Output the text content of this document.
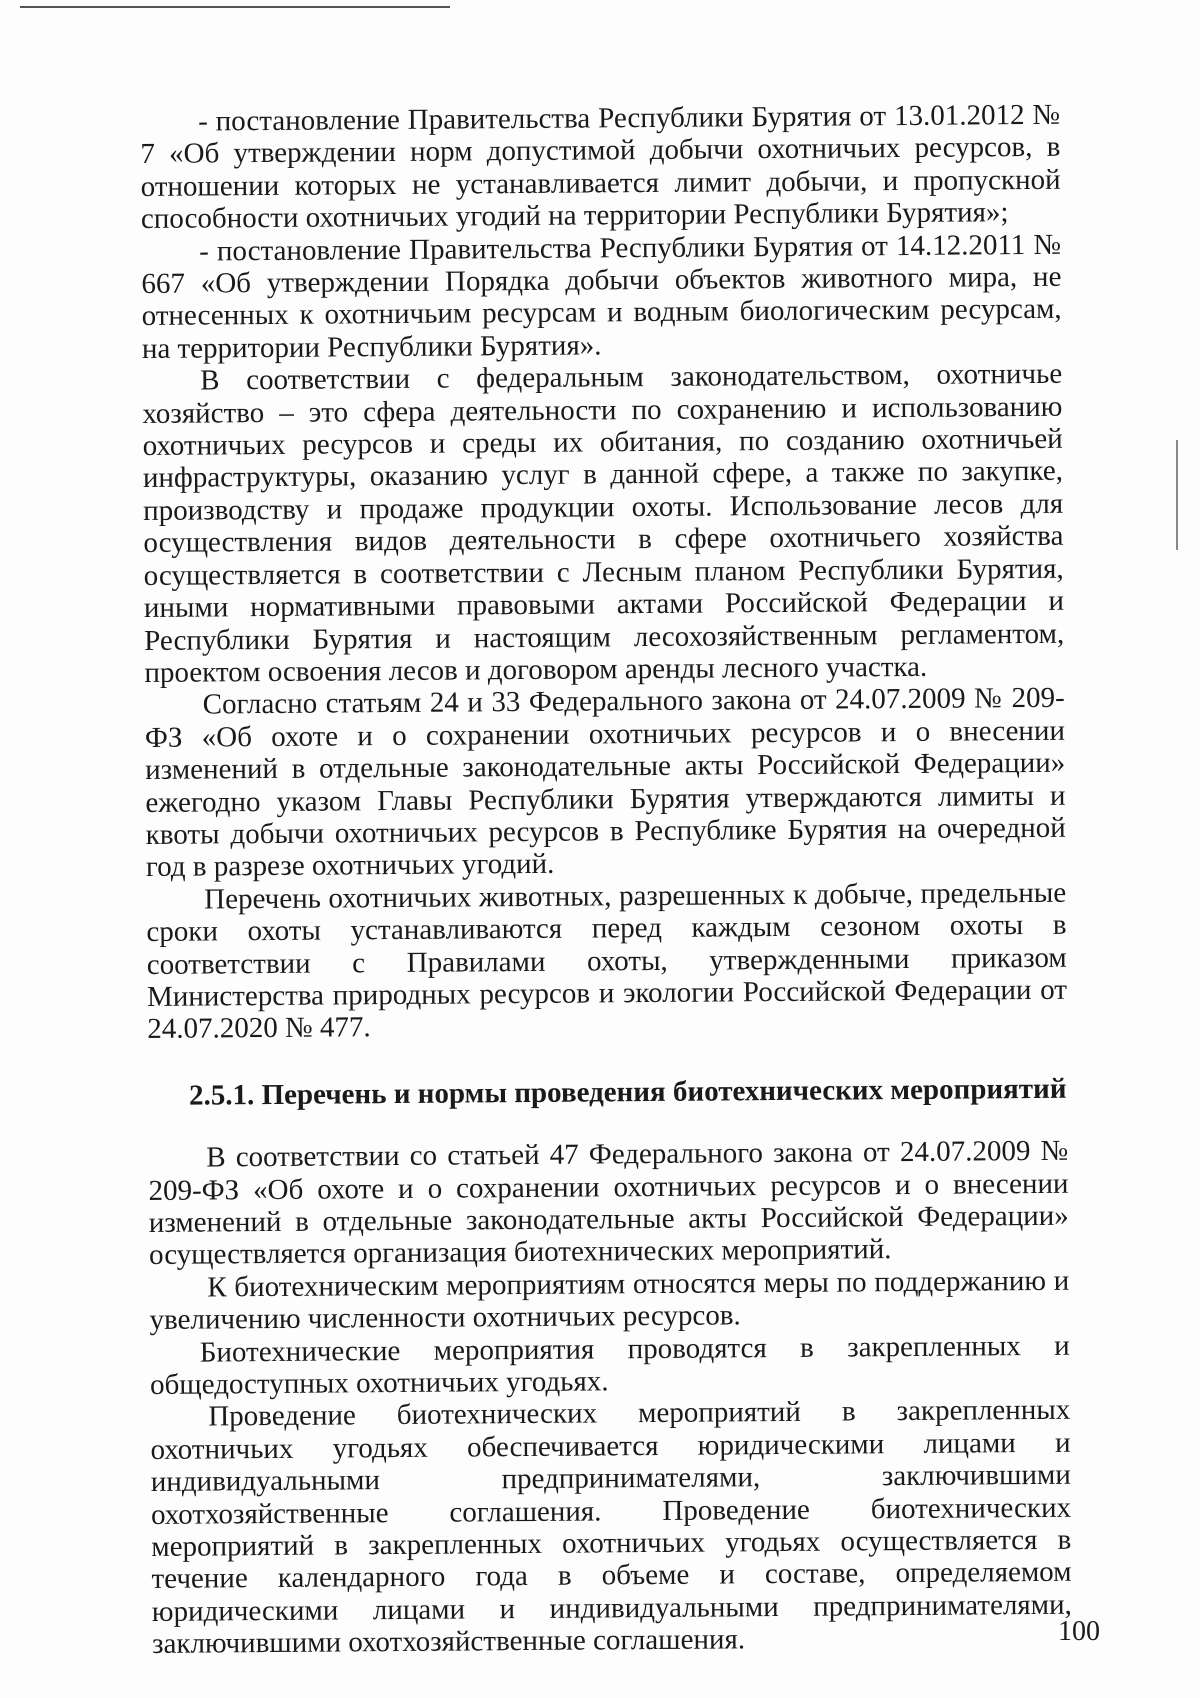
- постановление Правительства Республики Бурятия от 13.01.2012 № 7 «Об утверждении норм допустимой добычи охотничьих ресурсов, в отношении которых не устанавливается лимит добычи, и пропускной способности охотничьих угодий на территории Республики Бурятия»;

- постановление Правительства Республики Бурятия от 14.12.2011 № 667 «Об утверждении Порядка добычи объектов животного мира, не отнесенных к охотничьим ресурсам и водным биологическим ресурсам, на территории Республики Бурятия».

В соответствии с федеральным законодательством, охотничье хозяйство – это сфера деятельности по сохранению и использованию охотничьих ресурсов и среды их обитания, по созданию охотничьей инфраструктуры, оказанию услуг в данной сфере, а также по закупке, производству и продаже продукции охоты. Использование лесов для осуществления видов деятельности в сфере охотничьего хозяйства осуществляется в соответствии с Лесным планом Республики Бурятия, иными нормативными правовыми актами Российской Федерации и Республики Бурятия и настоящим лесохозяйственным регламентом, проектом освоения лесов и договором аренды лесного участка.

Согласно статьям 24 и 33 Федерального закона от 24.07.2009 № 209-ФЗ «Об охоте и о сохранении охотничьих ресурсов и о внесении изменений в отдельные законодательные акты Российской Федерации» ежегодно указом Главы Республики Бурятия утверждаются лимиты и квоты добычи охотничьих ресурсов в Республике Бурятия на очередной год в разрезе охотничьих угодий.

Перечень охотничьих животных, разрешенных к добыче, предельные сроки охоты устанавливаются перед каждым сезоном охоты в соответствии с Правилами охоты, утвержденными приказом Министерства природных ресурсов и экологии Российской Федерации от 24.07.2020 № 477.

2.5.1. Перечень и нормы проведения биотехнических мероприятий

В соответствии со статьей 47 Федерального закона от 24.07.2009 № 209-ФЗ «Об охоте и о сохранении охотничьих ресурсов и о внесении изменений в отдельные законодательные акты Российской Федерации» осуществляется организация биотехнических мероприятий.

К биотехническим мероприятиям относятся меры по поддержанию и увеличению численности охотничьих ресурсов.

Биотехнические мероприятия проводятся в закрепленных и общедоступных охотничьих угодьях.

Проведение биотехнических мероприятий в закрепленных охотничьих угодьях обеспечивается юридическими лицами и индивидуальными предпринимателями, заключившими охотхозяйственные соглашения. Проведение биотехнических мероприятий в закрепленных охотничьих угодьях осуществляется в течение календарного года в объеме и составе, определяемом юридическими лицами и индивидуальными предпринимателями, заключившими охотхозяйственные соглашения.	100
